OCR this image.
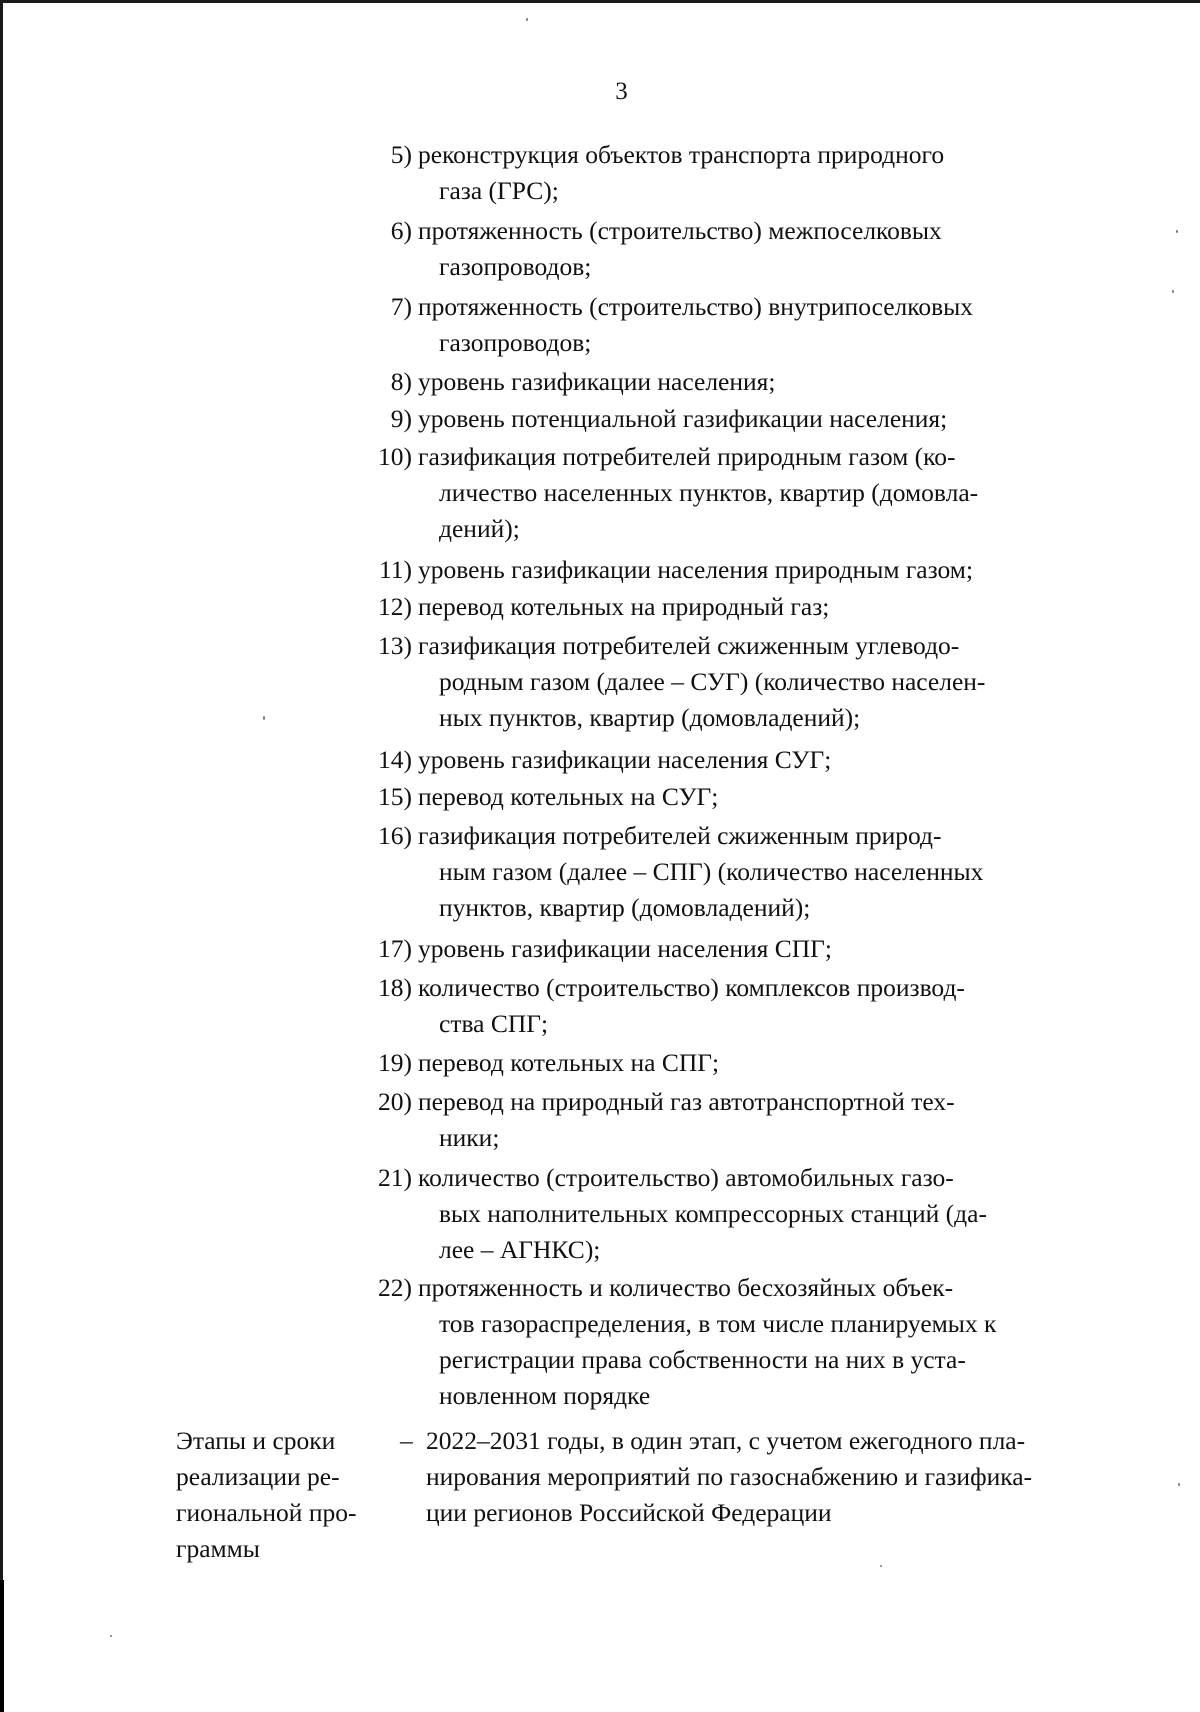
3
5) реконструкция объектов транспорта природного
газа (ГРС);
6) протяженность (строительство) межпоселковых
газопроводов;
7) протяженность (строительство) внутрипоселковых
газопроводов;
8) уровень газификации населения;
9) уровень потенциальной газификации населения;
10) газификация потребителей природным газом (ко-
личество населенных пунктов, квартир (домовла-
дений);
11) уровень газификации населения природным газом;
12) перевод котельных на природный газ;
13) газификация потребителей сжиженным углеводо-
родным газом (далее – СУГ) (количество населен-
ных пунктов, квартир (домовладений);
14) уровень газификации населения СУГ;
15) перевод котельных на СУГ;
16) газификация потребителей сжиженным природ-
ным газом (далее – СПГ) (количество населенных
пунктов, квартир (домовладений);
17) уровень газификации населения СПГ;
18) количество (строительство) комплексов производ-
ства СПГ;
19) перевод котельных на СПГ;
20) перевод на природный газ автотранспортной тех-
ники;
21) количество (строительство) автомобильных газо-
вых наполнительных компрессорных станций (да-
лее – АГНКС);
22) протяженность и количество бесхозяйных объек-
тов газораспределения, в том числе планируемых к
регистрации права собственности на них в уста-
новленном порядке
Этапы и сроки
реализации ре-
гиональной про-
граммы
– 2022–2031 годы, в один этап, с учетом ежегодного пла-
нирования мероприятий по газоснабжению и газифика-
ции регионов Российской Федерации
